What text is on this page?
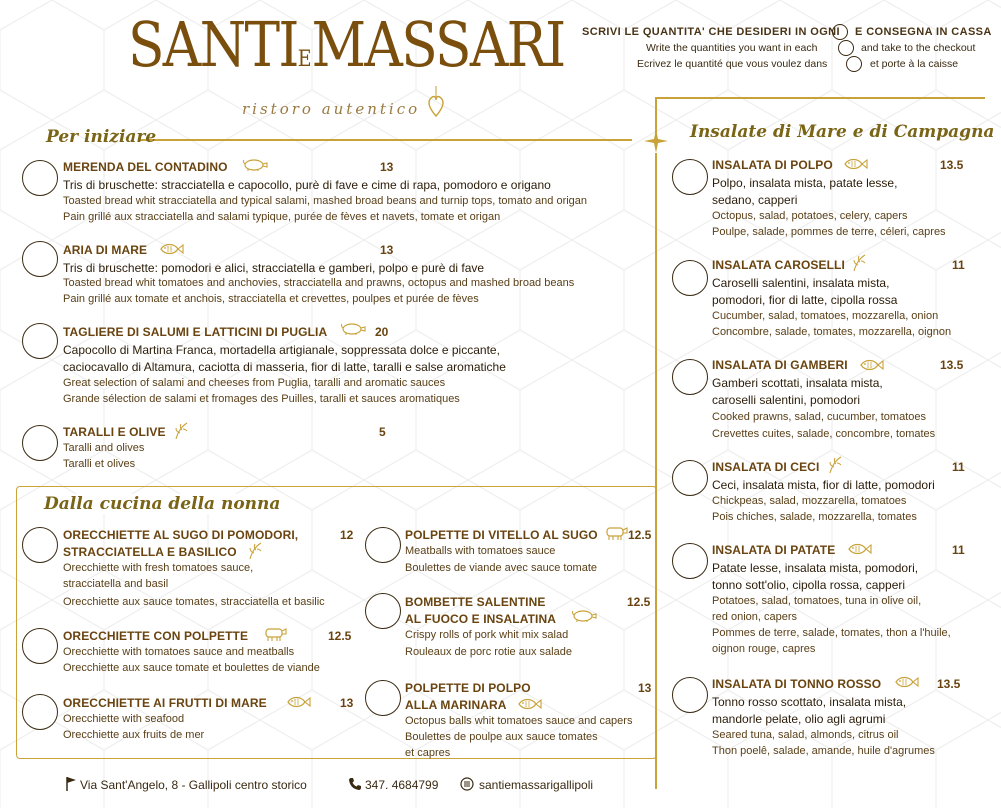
SANTIEMASSARI
ristoro autentico
SCRIVI LE QUANTITA' CHE DESIDERI IN OGNI E CONSEGNA IN CASSA
Write the quantities you want in each	and take to the checkout
Ecrivez le quantité que vous voulez dans	et porte à la caisse
Per iniziare	Insalate di Mare e di Campagna
MERENDA DEL CONTADINO	13
Tris di bruschette: stracciatella e capocollo, purè di fave e cime di rapa, pomodoro e origano
Toasted bread whit stracciatella and typical salami, mashed broad beans and turnip tops, tomato and origan
Pain grillé aux stracciatella and salami typique, purée de fèves et navets, tomate et origan
ARIA DI MARE	13
Tris di bruschette: pomodori e alici, stracciatella e gamberi, polpo e purè di fave
Toasted bread whit tomatoes and anchovies, stracciatella and prawns, octopus and mashed broad beans
Pain grillé aux tomate et anchois, stracciatella et crevettes, poulpes et purée de fèves
TAGLIERE DI SALUMI E LATTICINI DI PUGLIA	20
Capocollo di Martina Franca, mortadella artigianale, soppressata dolce e piccante,
caciocavallo di Altamura, caciotta di masseria, fior di latte, taralli e salse aromatiche
Great selection of salami and cheeses from Puglia, taralli and aromatic sauces
Grande sélection de salami et fromages des Puilles, taralli et sauces aromatiques
TARALLI E OLIVE	5
Taralli and olives
Taralli et olives
Dalla cucina della nonna
ORECCHIETTE AL SUGO DI POMODORI,
STRACCIATELLA E BASILICO
12
Orecchiette with fresh tomatoes sauce,
stracciatella and basil
Orecchiette aux sauce tomates, stracciatella et basilic
ORECCHIETTE CON POLPETTE	12.5
Orecchiette with tomatoes sauce and meatballs
Orecchiette aux sauce tomate et boulettes de viande
ORECCHIETTE AI FRUTTI DI MARE	13
Orecchiette with seafood
Orecchiette aux fruits de mer
POLPETTE DI VITELLO AL SUGO	12.5
Meatballs with tomatoes sauce
Boulettes de viande avec sauce tomate
BOMBETTE SALENTINE
AL FUOCO E INSALATINA
12.5
Crispy rolls of pork whit mix salad
Rouleaux de porc rotie aux salade
POLPETTE DI POLPO
ALLA MARINARA
13
Octopus balls whit tomatoes sauce and capers
Boulettes de poulpe aux sauce tomates
et capres
INSALATA DI POLPO	13.5
Polpo, insalata mista, patate lesse,
sedano, capperi
Octopus, salad, potatoes, celery, capers
Poulpe, salade, pommes de terre, céleri, capres
INSALATA CAROSELLI	11
Caroselli salentini, insalata mista,
pomodori, fior di latte, cipolla rossa
Cucumber, salad, tomatoes, mozzarella, onion
Concombre, salade, tomates, mozzarella, oignon
INSALATA DI GAMBERI	13.5
Gamberi scottati, insalata mista,
caroselli salentini, pomodori
Cooked prawns, salad, cucumber, tomatoes
Crevettes cuites, salade, concombre, tomates
INSALATA DI CECI	11
Ceci, insalata mista, fior di latte, pomodori
Chickpeas, salad, mozzarella, tomatoes
Pois chiches, salade, mozzarella, tomates
INSALATA DI PATATE	11
Patate lesse, insalata mista, pomodori,
tonno sott'olio, cipolla rossa, capperi
Potatoes, salad, tomatoes, tuna in olive oil,
red onion, capers
Pommes de terre, salade, tomates, thon a l'huile,
oignon rouge, capres
INSALATA DI TONNO ROSSO	13.5
Tonno rosso scottato, insalata mista,
mandorle pelate, olio agli agrumi
Seared tuna, salad, almonds, citrus oil
Thon poelê, salade, amande, huile d'agrumes
Via Sant'Angelo, 8 - Gallipoli centro storico	347. 4684799	santiemassarigallipoli
